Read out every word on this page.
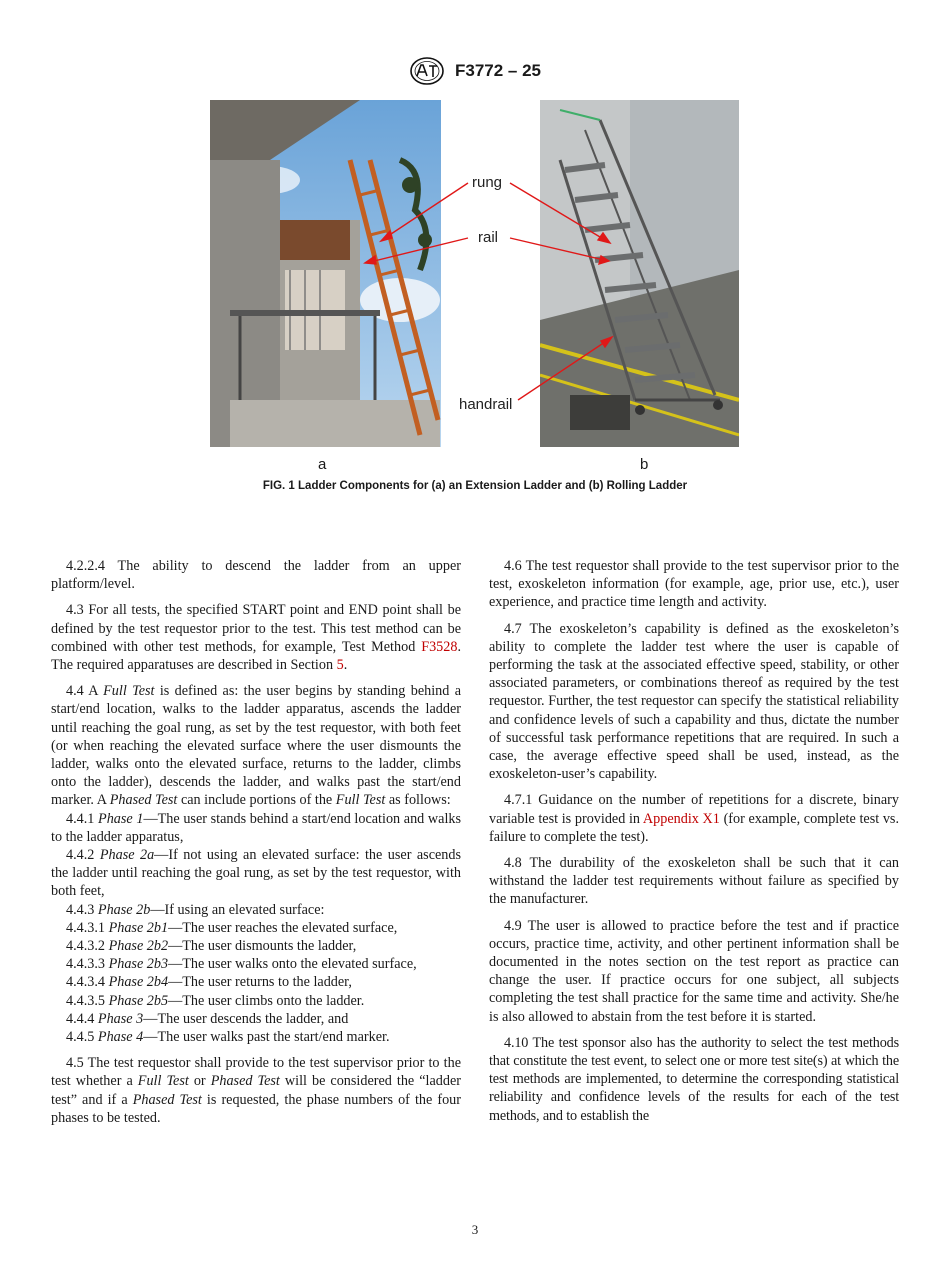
F3772 – 25
rung
rail
handrail
a	b
FIG. 1 Ladder Components for (a) an Extension Ladder and (b) Rolling Ladder

4.2.2.4 The ability to descend the ladder from an upper platform/level.

4.3 For all tests, the specified START point and END point shall be defined by the test requestor prior to the test. This test method can be combined with other test methods, for example, Test Method F3528. The required apparatuses are described in Section 5.

4.4 A Full Test is defined as: the user begins by standing behind a start/end location, walks to the ladder apparatus, ascends the ladder until reaching the goal rung, as set by the test requestor, with both feet (or when reaching the elevated surface where the user dismounts the ladder, walks onto the elevated surface, returns to the ladder, climbs onto the ladder), descends the ladder, and walks past the start/end marker. A Phased Test can include portions of the Full Test as follows:

4.4.1 Phase 1—The user stands behind a start/end location and walks to the ladder apparatus,

4.4.2 Phase 2a—If not using an elevated surface: the user ascends the ladder until reaching the goal rung, as set by the test requestor, with both feet,

4.4.3 Phase 2b—If using an elevated surface:

4.4.3.1 Phase 2b1—The user reaches the elevated surface,

4.4.3.2 Phase 2b2—The user dismounts the ladder,

4.4.3.3 Phase 2b3—The user walks onto the elevated surface,

4.4.3.4 Phase 2b4—The user returns to the ladder,

4.4.3.5 Phase 2b5—The user climbs onto the ladder.

4.4.4 Phase 3—The user descends the ladder, and

4.4.5 Phase 4—The user walks past the start/end marker.

4.5 The test requestor shall provide to the test supervisor prior to the test whether a Full Test or Phased Test will be considered the “ladder test” and if a Phased Test is requested, the phase numbers of the four phases to be tested.

4.6 The test requestor shall provide to the test supervisor prior to the test, exoskeleton information (for example, age, prior use, etc.), user experience, and practice time length and activity.

4.7 The exoskeleton’s capability is defined as the exoskeleton’s ability to complete the ladder test where the user is capable of performing the task at the associated effective speed, stability, or other associated parameters, or combinations thereof as required by the test requestor. Further, the test requestor can specify the statistical reliability and confidence levels of such a capability and thus, dictate the number of successful task performance repetitions that are required. In such a case, the average effective speed shall be used, instead, as the exoskeleton-user’s capability.

4.7.1 Guidance on the number of repetitions for a discrete, binary variable test is provided in Appendix X1 (for example, complete test vs. failure to complete the test).

4.8 The durability of the exoskeleton shall be such that it can withstand the ladder test requirements without failure as specified by the manufacturer.

4.9 The user is allowed to practice before the test and if practice occurs, practice time, activity, and other pertinent information shall be documented in the notes section on the test report as practice can change the user. If practice occurs for one subject, all subjects completing the test shall practice for the same time and activity. She/he is also allowed to abstain from the test before it is started.

4.10 The test sponsor also has the authority to select the test methods that constitute the test event, to select one or more test site(s) at which the test methods are implemented, to determine the corresponding statistical reliability and confidence levels of the results for each of the test methods, and to establish the

3
